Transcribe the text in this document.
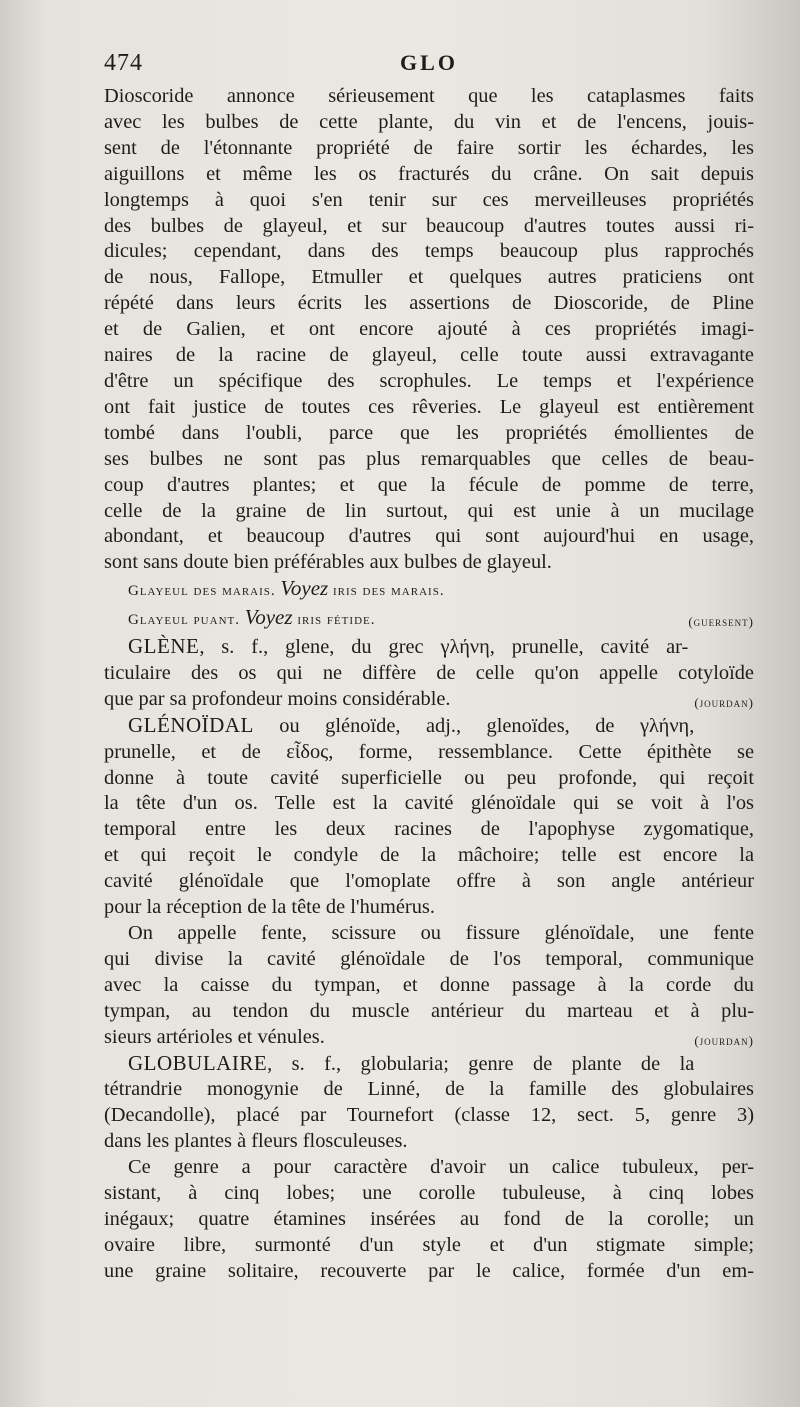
474	GLO
Dioscoride annonce sérieusement que les cataplasmes faits
avec les bulbes de cette plante, du vin et de l'encens, jouis-
sent de l'étonnante propriété de faire sortir les échardes, les
aiguillons et même les os fracturés du crâne. On sait depuis
longtemps à quoi s'en tenir sur ces merveilleuses propriétés
des bulbes de glayeul, et sur beaucoup d'autres toutes aussi ri-
dicules; cependant, dans des temps beaucoup plus rapprochés
de nous, Fallope, Etmuller et quelques autres praticiens ont
répété dans leurs écrits les assertions de Dioscoride, de Pline
et de Galien, et ont encore ajouté à ces propriétés imagi-
naires de la racine de glayeul, celle toute aussi extravagante
d'être un spécifique des scrophules. Le temps et l'expérience
ont fait justice de toutes ces rêveries. Le glayeul est entièrement
tombé dans l'oubli, parce que les propriétés émollientes de
ses bulbes ne sont pas plus remarquables que celles de beau-
coup d'autres plantes; et que la fécule de pomme de terre,
celle de la graine de lin surtout, qui est unie à un mucilage
abondant, et beaucoup d'autres qui sont aujourd'hui en usage,
sont sans doute bien préférables aux bulbes de glayeul.
Glayeul des marais. Voyez iris des marais.
Glayeul puant. Voyez iris fétide.	(guersent)
GLÈNE, s. f., glene, du grec γλήνη, prunelle, cavité ar-
ticulaire des os qui ne diffère de celle qu'on appelle cotyloïde
que par sa profondeur moins considérable.	(jourdan)
GLÉNOÏDAL ou glénoïde, adj., glenoïdes, de γλήνη,
prunelle, et de εἶδος, forme, ressemblance. Cette épithète se
donne à toute cavité superficielle ou peu profonde, qui reçoit
la tête d'un os. Telle est la cavité glénoïdale qui se voit à l'os
temporal entre les deux racines de l'apophyse zygomatique,
et qui reçoit le condyle de la mâchoire; telle est encore la
cavité glénoïdale que l'omoplate offre à son angle antérieur
pour la réception de la tête de l'humérus.
On appelle fente, scissure ou fissure glénoïdale, une fente
qui divise la cavité glénoïdale de l'os temporal, communique
avec la caisse du tympan, et donne passage à la corde du
tympan, au tendon du muscle antérieur du marteau et à plu-
sieurs artérioles et vénules.	(jourdan)
GLOBULAIRE, s. f., globularia; genre de plante de la
tétrandrie monogynie de Linné, de la famille des globulaires
(Decandolle), placé par Tournefort (classe 12, sect. 5, genre 3)
dans les plantes à fleurs flosculeuses.
Ce genre a pour caractère d'avoir un calice tubuleux, per-
sistant, à cinq lobes; une corolle tubuleuse, à cinq lobes
inégaux; quatre étamines insérées au fond de la corolle; un
ovaire libre, surmonté d'un style et d'un stigmate simple;
une graine solitaire, recouverte par le calice, formée d'un em-
